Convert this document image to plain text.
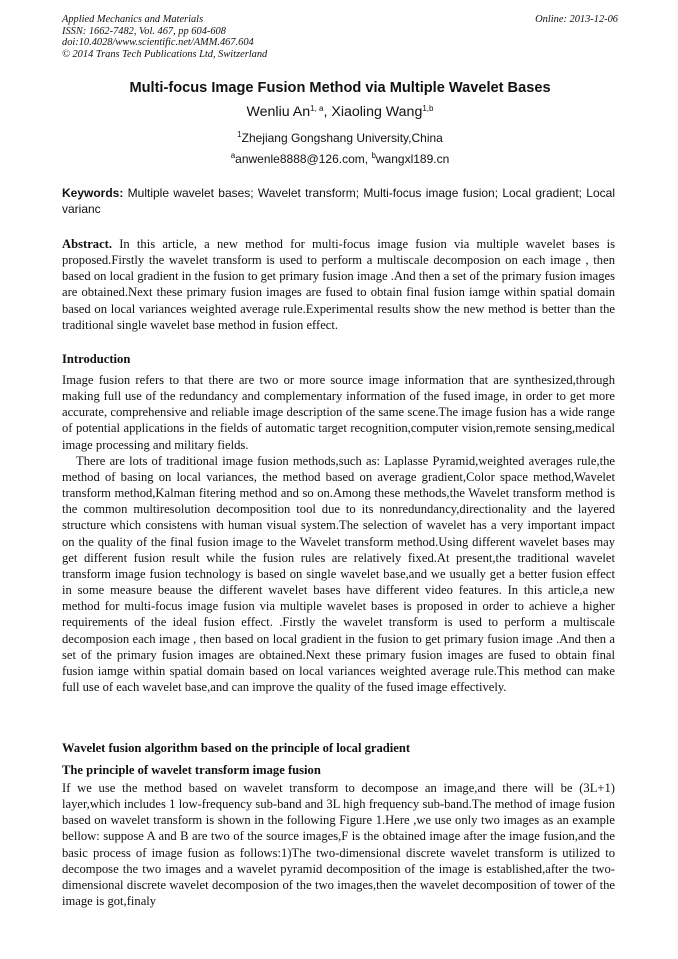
Applied Mechanics and Materials
ISSN: 1662-7482, Vol. 467, pp 604-608
doi:10.4028/www.scientific.net/AMM.467.604
© 2014 Trans Tech Publications Ltd, Switzerland
Online: 2013-12-06
Multi-focus Image Fusion Method via Multiple Wavelet Bases
Wenliu An$^{1, a}$, Xiaoling Wang$^{1,b}$
$^1$Zhejiang Gongshang University,China
$^a$anwenle8888@126.com, $^b$wangxl189.cn
Keywords: Multiple wavelet bases; Wavelet transform; Multi-focus image fusion; Local gradient; Local varianc
Abstract. In this article, a new method for multi-focus image fusion via multiple wavelet bases is proposed.Firstly the wavelet transform is used to perform a multiscale decomposion on each image , then based on local gradient in the fusion to get primary fusion image .And then a set of the primary fusion images are obtained.Next these primary fusion images are fused to obtain final fusion iamge within spatial domain based on local variances weighted average rule.Experimental results show the new method is better than the traditional single wavelet base method in fusion effect.
Introduction

Image fusion refers to that there are two or more source image information that are synthesized,through making full use of the redundancy and complementary information of the fused image, in order to get more accurate, comprehensive and reliable image description of the same scene.The image fusion has a wide range of potential applications in the fields of automatic target recognition,computer vision,remote sensing,medical image processing and military fields.

There are lots of traditional image fusion methods,such as: Laplasse Pyramid,weighted averages rule,the method of basing on local variances, the method based on average gradient,Color space method,Wavelet transform method,Kalman fitering method and so on.Among these methods,the Wavelet transform method is the common multiresolution decomposition tool due to its nonredundancy,directionality and the layered structure which consistens with human visual system.The selection of wavelet has a very important impact on the quality of the final fusion image to the Wavelet transform method.Using different wavelet bases may get different fusion result while the fusion rules are relatively fixed.At present,the traditional wavelet transform image fusion technology is based on single wavelet base,and we usually get a better fusion effect in some measure beause the different wavelet bases have different video features. In this article,a new method for multi-focus image fusion via multiple wavelet bases is proposed in order to achieve a higher requirements of the ideal fusion effect. .Firstly the wavelet transform is used to perform a multiscale decomposion each image , then based on local gradient in the fusion to get primary fusion image .And then a set of the primary fusion images are obtained.Next these primary fusion images are fused to obtain final fusion iamge within spatial domain based on local variances weighted average rule.This method can make full use of each wavelet base,and can improve the quality of the fused image effectively.

Wavelet fusion algorithm based on the principle of local gradient
The principle of wavelet transform image fusion
If we use the method based on wavelet transform to decompose an image,and there will be (3L+1) layer,which includes 1 low-frequency sub-band and 3L high frequency sub-band.The method of image fusion based on wavelet transform is shown in the following Figure 1.Here ,we use only two images as an example bellow: suppose A and B are two of the source images,F is the obtained image after the image fusion,and the basic process of image fusion as follows:1)The two-dimensional discrete wavelet transform is utilized to decompose the two images and a wavelet pyramid decomposition of the image is established,after the two-dimensional discrete wavelet decomposion of the two images,then the wavelet decomposition of tower of the image is got,finaly
